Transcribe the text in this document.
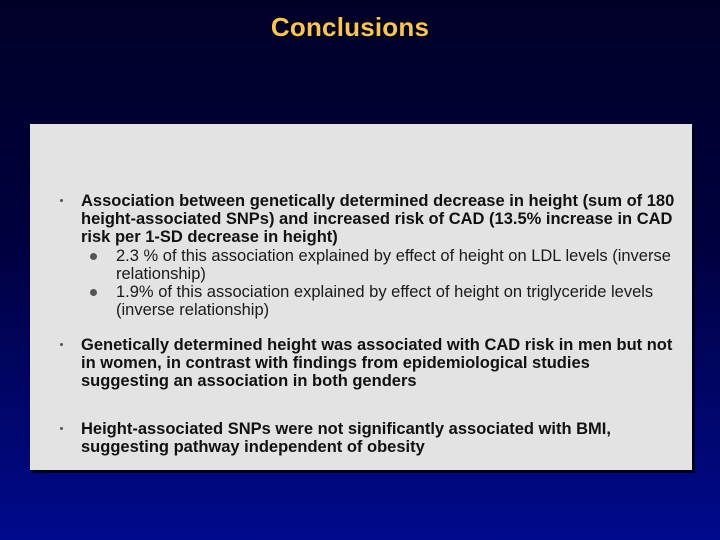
Conclusions
Association between genetically determined decrease in height (sum of 180 height-associated SNPs) and increased risk of CAD (13.5% increase in CAD risk per 1-SD decrease in height)
2.3 % of this association explained by effect of height on LDL levels (inverse relationship)
1.9% of this association explained by effect of height on triglyceride levels (inverse relationship)
Genetically determined height was associated with CAD risk in men but not in women, in contrast with findings from epidemiological studies suggesting an association in both genders
Height-associated SNPs were not significantly associated with BMI, suggesting pathway independent of obesity
